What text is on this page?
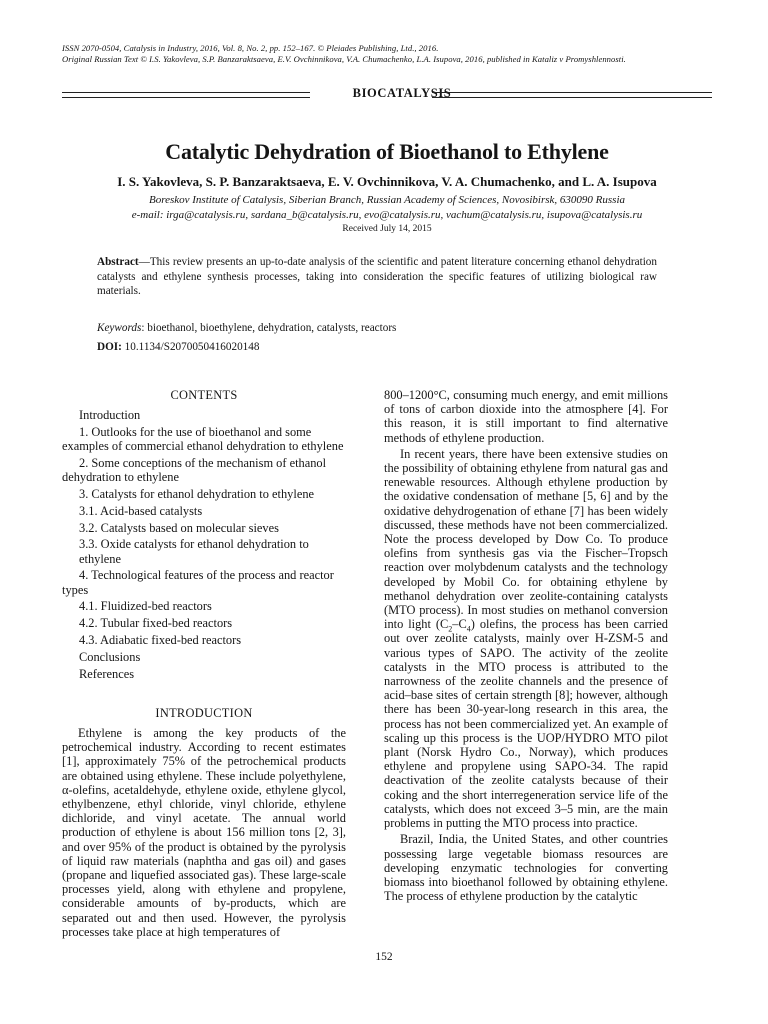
ISSN 2070-0504, Catalysis in Industry, 2016, Vol. 8, No. 2, pp. 152–167. © Pleiades Publishing, Ltd., 2016.
Original Russian Text © I.S. Yakovleva, S.P. Banzaraktsaeva, E.V. Ovchinnikova, V.A. Chumachenko, L.A. Isupova, 2016, published in Kataliz v Promyshlennosti.
BIOCATALYSIS
Catalytic Dehydration of Bioethanol to Ethylene
I. S. Yakovleva, S. P. Banzaraktsaeva, E. V. Ovchinnikova, V. A. Chumachenko, and L. A. Isupova
Boreskov Institute of Catalysis, Siberian Branch, Russian Academy of Sciences, Novosibirsk, 630090 Russia
e-mail: irga@catalysis.ru, sardana_b@catalysis.ru, evo@catalysis.ru, vachum@catalysis.ru, isupova@catalysis.ru
Received July 14, 2015
Abstract—This review presents an up-to-date analysis of the scientific and patent literature concerning ethanol dehydration catalysts and ethylene synthesis processes, taking into consideration the specific features of utilizing biological raw materials.
Keywords: bioethanol, bioethylene, dehydration, catalysts, reactors
DOI: 10.1134/S2070050416020148
CONTENTS
Introduction
1. Outlooks for the use of bioethanol and some examples of commercial ethanol dehydration to ethylene
2. Some conceptions of the mechanism of ethanol dehydration to ethylene
3. Catalysts for ethanol dehydration to ethylene
3.1. Acid-based catalysts
3.2. Catalysts based on molecular sieves
3.3. Oxide catalysts for ethanol dehydration to ethylene
4. Technological features of the process and reactor types
4.1. Fluidized-bed reactors
4.2. Tubular fixed-bed reactors
4.3. Adiabatic fixed-bed reactors
Conclusions
References
INTRODUCTION

Ethylene is among the key products of the petrochemical industry. According to recent estimates [1], approximately 75% of the petrochemical products are obtained using ethylene. These include polyethylene, α-olefins, acetaldehyde, ethylene oxide, ethylene glycol, ethylbenzene, ethyl chloride, vinyl chloride, ethylene dichloride, and vinyl acetate. The annual world production of ethylene is about 156 million tons [2, 3], and over 95% of the product is obtained by the pyrolysis of liquid raw materials (naphtha and gas oil) and gases (propane and liquefied associated gas). These large-scale processes yield, along with ethylene and propylene, considerable amounts of by-products, which are separated out and then used. However, the pyrolysis processes take place at high temperatures of

800–1200°C, consuming much energy, and emit millions of tons of carbon dioxide into the atmosphere [4]. For this reason, it is still important to find alternative methods of ethylene production.

In recent years, there have been extensive studies on the possibility of obtaining ethylene from natural gas and renewable resources. Although ethylene production by the oxidative condensation of methane [5, 6] and by the oxidative dehydrogenation of ethane [7] has been widely discussed, these methods have not been commercialized. Note the process developed by Dow Co. To produce olefins from synthesis gas via the Fischer–Tropsch reaction over molybdenum catalysts and the technology developed by Mobil Co. for obtaining ethylene by methanol dehydration over zeolite-containing catalysts (MTO process). In most studies on methanol conversion into light $(C_2-C_4)$ olefins, the process has been carried out over zeolite catalysts, mainly over H-ZSM-5 and various types of SAPO. The activity of the zeolite catalysts in the MTO process is attributed to the narrowness of the zeolite channels and the presence of acid–base sites of certain strength [8]; however, although there has been 30-year-long research in this area, the process has not been commercialized yet. An example of scaling up this process is the UOP/HYDRO MTO pilot plant (Norsk Hydro Co., Norway), which produces ethylene and propylene using SAPO-34. The rapid deactivation of the zeolite catalysts because of their coking and the short interregeneration service life of the catalysts, which does not exceed 3–5 min, are the main problems in putting the MTO process into practice.

Brazil, India, the United States, and other countries possessing large vegetable biomass resources are developing enzymatic technologies for converting biomass into bioethanol followed by obtaining ethylene. The process of ethylene production by the catalytic

152
